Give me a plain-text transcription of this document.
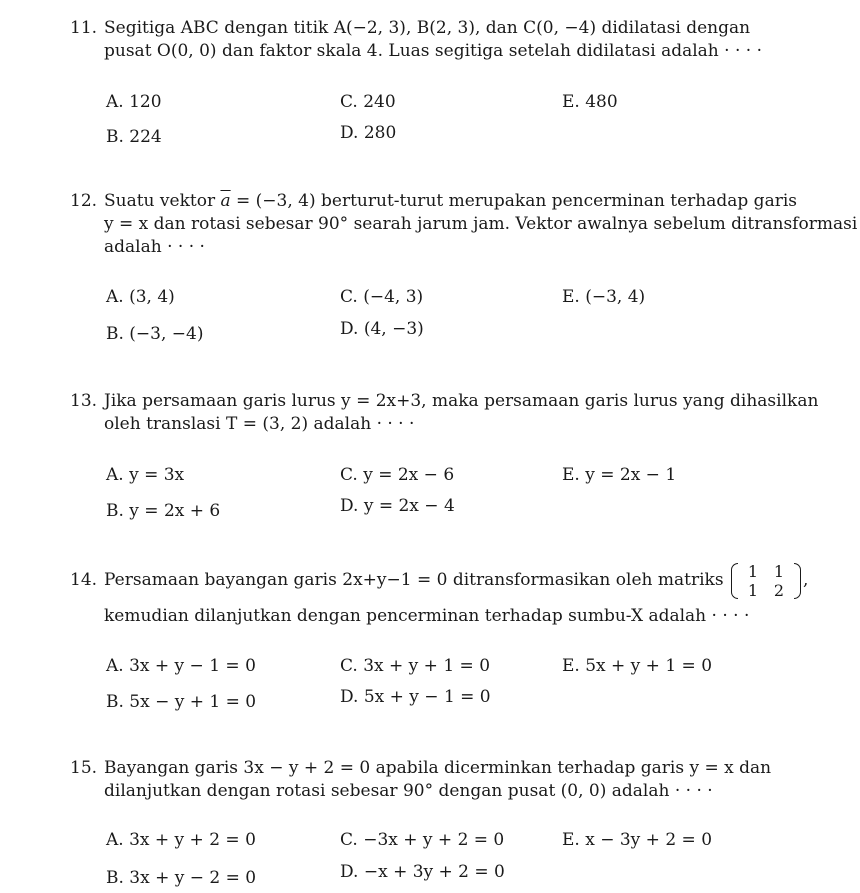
11. Segitiga ABC dengan titik A(−2, 3), B(2, 3), dan C(0, −4) didilatasi dengan
pusat O(0, 0) dan faktor skala 4. Luas segitiga setelah didilatasi adalah · · · ·
A. 120	C. 240	E. 480
B. 224	D. 280
12. Suatu vektor $\overline{a} = (-3$, 4) berturut-turut merupakan pencerminan terhadap garis
y = x dan rotasi sebesar 90° searah jarum jam. Vektor awalnya sebelum ditransformasi
adalah · · · ·
A. (3, 4)	C. (−4, 3)	E. (−3, 4)
B. (−3, −4)	D. (4, −3)
13. Jika persamaan garis lurus y = 2x+3, maka persamaan garis lurus yang dihasilkan
oleh translasi T = (3, 2) adalah · · · ·
A. y = 3x	C. y = 2x − 6	E. y = 2x − 1
B. y = 2x + 6	D. y = 2x − 4
14. Persamaan bayangan garis 2x+y−1 = 0 ditransformasikan oleh matriks	1 1
1 2	,
kemudian dilanjutkan dengan pencerminan terhadap sumbu-X adalah · · · ·
A. 3x + y − 1 = 0	C. 3x + y + 1 = 0	E. 5x + y + 1 = 0
B. 5x − y + 1 = 0	D. 5x + y − 1 = 0
15. Bayangan garis 3x − y + 2 = 0 apabila dicerminkan terhadap garis y = x dan
dilanjutkan dengan rotasi sebesar 90° dengan pusat (0, 0) adalah · · · ·
A. 3x + y + 2 = 0	C. −3x + y + 2 = 0	E. x − 3y + 2 = 0
B. 3x + y − 2 = 0	D. −x + 3y + 2 = 0
